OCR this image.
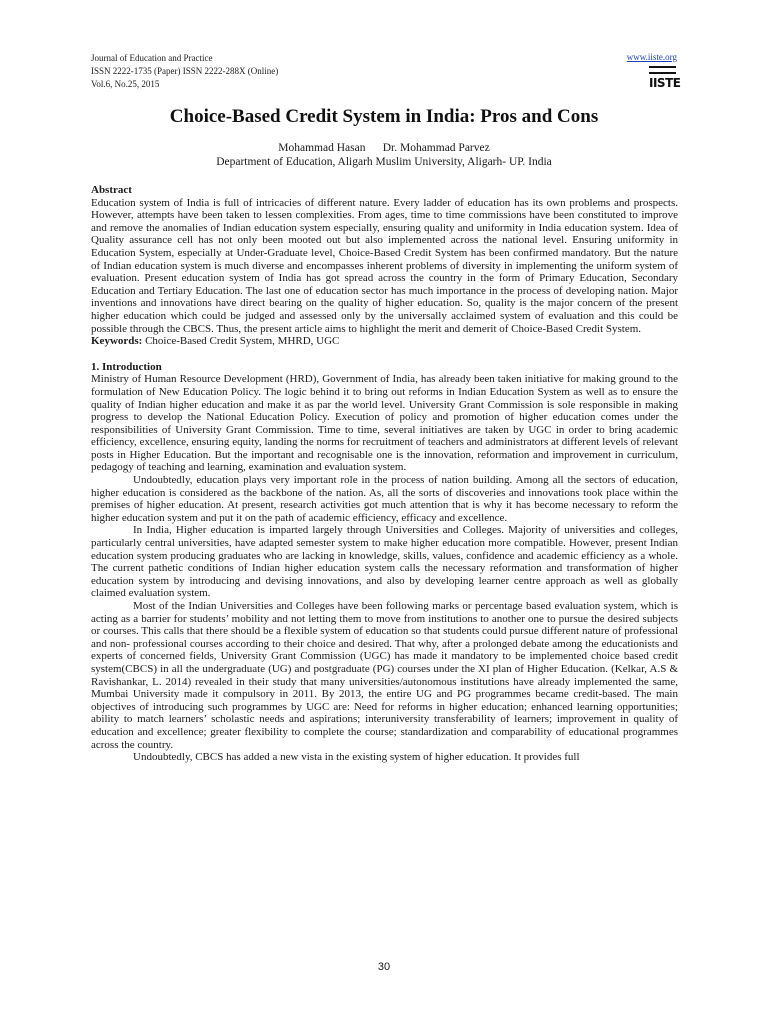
Journal of Education and Practice
ISSN 2222-1735 (Paper) ISSN 2222-288X (Online)
Vol.6, No.25, 2015
www.iiste.org
IISTE
Choice-Based Credit System in India: Pros and Cons
Mohammad Hasan      Dr. Mohammad Parvez
Department of Education, Aligarh Muslim University, Aligarh- UP. India
Abstract

Education system of India is full of intricacies of different nature. Every ladder of education has its own problems and prospects. However, attempts have been taken to lessen complexities. From ages, time to time commissions have been constituted to improve and remove the anomalies of Indian education system especially, ensuring quality and uniformity in India education system. Idea of Quality assurance cell has not only been mooted out but also implemented across the national level. Ensuring uniformity in Education System, especially at Under-Graduate level, Choice-Based Credit System has been confirmed mandatory. But the nature of Indian education system is much diverse and encompasses inherent problems of diversity in implementing the uniform system of evaluation. Present education system of India has got spread across the country in the form of Primary Education, Secondary Education and Tertiary Education. The last one of education sector has much importance in the process of developing nation. Major inventions and innovations have direct bearing on the quality of higher education. So, quality is the major concern of the present higher education which could be judged and assessed only by the universally acclaimed system of evaluation and this could be possible through the CBCS. Thus, the present article aims to highlight the merit and demerit of Choice-Based Credit System.

Keywords: Choice-Based Credit System, MHRD, UGC
1. Introduction

Ministry of Human Resource Development (HRD), Government of India, has already been taken initiative for making ground to the formulation of New Education Policy. The logic behind it to bring out reforms in Indian Education System as well as to ensure the quality of Indian higher education and make it as par the world level. University Grant Commission is sole responsible in making progress to develop the National Education Policy. Execution of policy and promotion of higher education comes under the responsibilities of University Grant Commission. Time to time, several initiatives are taken by UGC in order to bring academic efficiency, excellence, ensuring equity, landing the norms for recruitment of teachers and administrators at different levels of relevant posts in Higher Education. But the important and recognisable one is the innovation, reformation and improvement in curriculum, pedagogy of teaching and learning, examination and evaluation system.

Undoubtedly, education plays very important role in the process of nation building. Among all the sectors of education, higher education is considered as the backbone of the nation. As, all the sorts of discoveries and innovations took place within the premises of higher education. At present, research activities got much attention that is why it has become necessary to reform the higher education system and put it on the path of academic efficiency, efficacy and excellence.

In India, Higher education is imparted largely through Universities and Colleges. Majority of universities and colleges, particularly central universities, have adapted semester system to make higher education more compatible. However, present Indian education system producing graduates who are lacking in knowledge, skills, values, confidence and academic efficiency as a whole. The current pathetic conditions of Indian higher education system calls the necessary reformation and transformation of higher education system by introducing and devising innovations, and also by developing learner centre approach as well as globally claimed evaluation system.

Most of the Indian Universities and Colleges have been following marks or percentage based evaluation system, which is acting as a barrier for students’ mobility and not letting them to move from institutions to another one to pursue the desired subjects or courses. This calls that there should be a flexible system of education so that students could pursue different nature of professional and non- professional courses according to their choice and desired. That why, after a prolonged debate among the educationists and experts of concerned fields, University Grant Commission (UGC) has made it mandatory to be implemented choice based credit system(CBCS) in all the undergraduate (UG) and postgraduate (PG) courses under the XI plan of Higher Education. (Kelkar, A.S & Ravishankar, L. 2014) revealed in their study that many universities/autonomous institutions have already implemented the same, Mumbai University made it compulsory in 2011. By 2013, the entire UG and PG programmes became credit-based. The main objectives of introducing such programmes by UGC are: Need for reforms in higher education; enhanced learning opportunities; ability to match learners’ scholastic needs and aspirations; interuniversity transferability of learners; improvement in quality of education and excellence; greater flexibility to complete the course; standardization and comparability of educational programmes across the country.

Undoubtedly, CBCS has added a new vista in the existing system of higher education. It provides full

30
